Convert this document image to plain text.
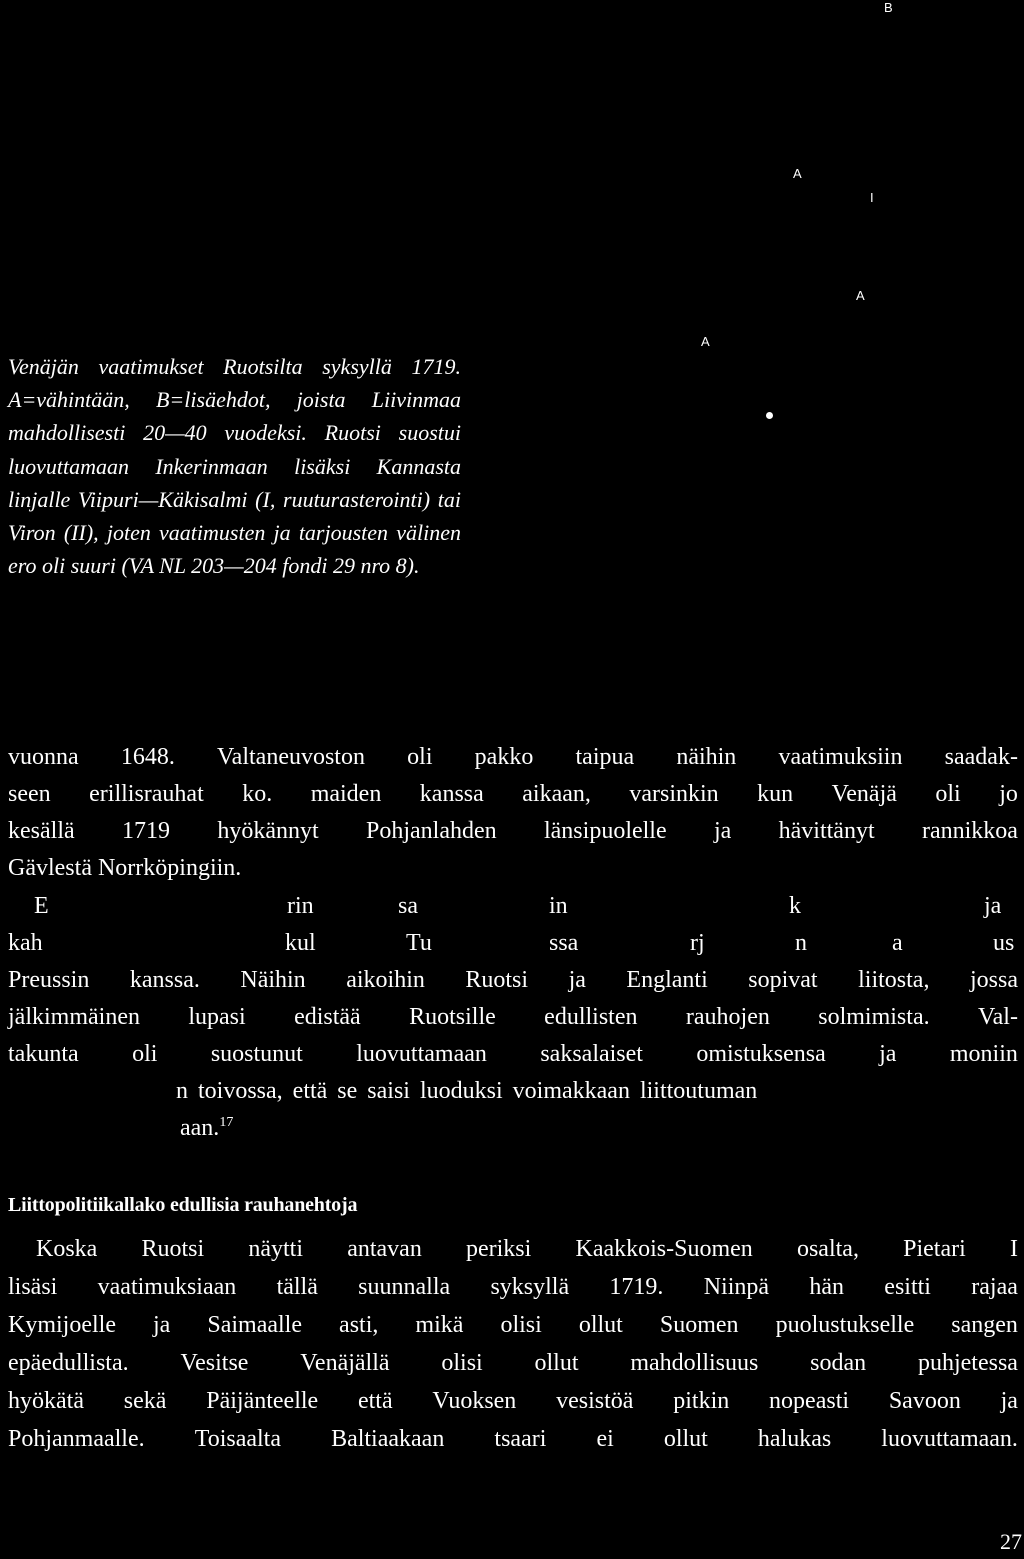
B
A
I
A
A

Venäjän vaatimukset Ruotsilta syksyllä 1719. A=vähintään, B=lisäehdot, joista Liivinmaa mahdollisesti 20—40 vuodeksi. Ruotsi suostui luovuttamaan Inkerinmaan lisäksi Kannasta linjalle Viipuri—Käkisalmi (I, ruuturasterointi) tai Viron (II), joten vaatimusten ja tarjousten välinen ero oli suuri (VA NL 203—204 fondi 29 nro 8).

vuonna 1648. Valtaneuvoston oli pakko taipua näihin vaatimuksiin saadak-
seen erillisrauhat ko. maiden kanssa aikaan, varsinkin kun Venäjä oli jo
kesällä 1719 hyökännyt Pohjanlahden länsipuolelle ja hävittänyt rannikkoa
Gävlestä Norrköpingiin.
E	rin	sa	in	k	ja
kah	kul	Tu	ssa	rj	n	a	us
Preussin kanssa. Näihin aikoihin Ruotsi ja Englanti sopivat liitosta, jossa
jälkimmäinen lupasi edistää Ruotsille edullisten rauhojen solmimista. Val-
takunta oli suostunut luovuttamaan saksalaiset omistuksensa ja moniin
n toivossa, että se saisi luoduksi voimakkaan liittoutuman
aan.$^{17}$
Liittopolitiikallako edullisia rauhanehtoja
Koska Ruotsi näytti antavan periksi Kaakkois-Suomen osalta, Pietari I
lisäsi vaatimuksiaan tällä suunnalla syksyllä 1719. Niinpä hän esitti rajaa
Kymijoelle ja Saimaalle asti, mikä olisi ollut Suomen puolustukselle sangen
epäedullista. Vesitse Venäjällä olisi ollut mahdollisuus sodan puhjetessa
hyökätä sekä Päijänteelle että Vuoksen vesistöä pitkin nopeasti Savoon ja
Pohjanmaalle. Toisaalta Baltiaakaan tsaari ei ollut halukas luovuttamaan.
27
